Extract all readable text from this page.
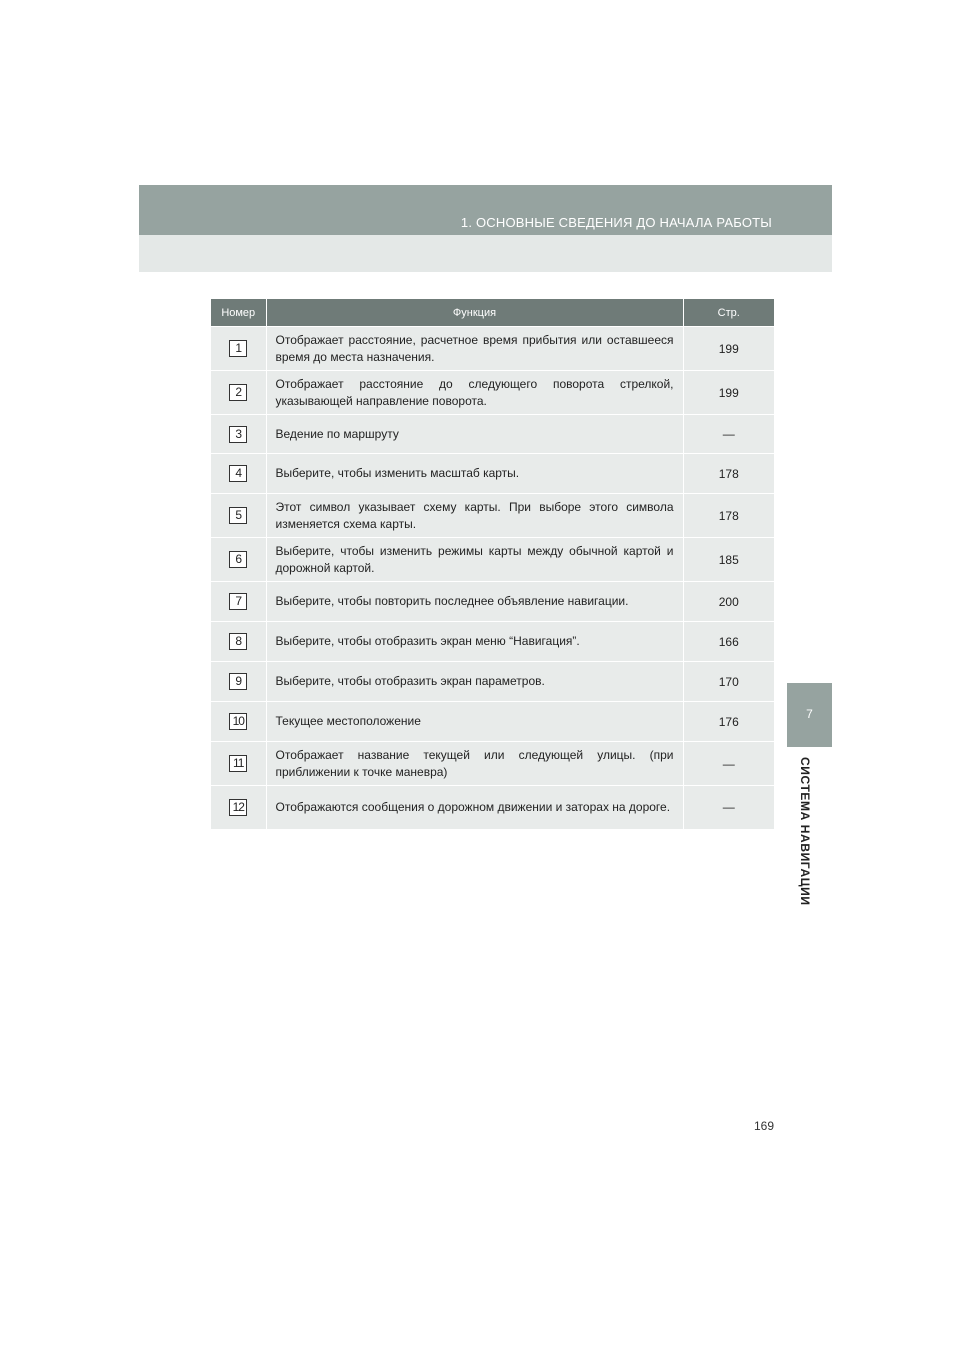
1. ОСНОВНЫЕ СВЕДЕНИЯ ДО НАЧАЛА РАБОТЫ
7
СИСТЕМА НАВИГАЦИИ
Номер	Функция	Стр.
1	Отображает расстояние, расчетное время прибытия или оставшееся время до места назначения.	199
2	Отображает расстояние до следующего поворота стрелкой, указывающей направление поворота.	199
3	Ведение по маршруту	—
4	Выберите, чтобы изменить масштаб карты.	178
5	Этот символ указывает схему карты. При выборе этого символа изменяется схема карты.	178
6	Выберите, чтобы изменить режимы карты между обычной картой и дорожной картой.	185
7	Выберите, чтобы повторить последнее объявление навигации.	200
8	Выберите, чтобы отобразить экран меню “Навигация”.	166
9	Выберите, чтобы отобразить экран параметров.	170
10	Текущее местоположение	176
11	Отображает название текущей или следующей улицы. (при приближении к точке маневра)	—
12	Отображаются сообщения о дорожном движении и заторах на дороге.	—
169
